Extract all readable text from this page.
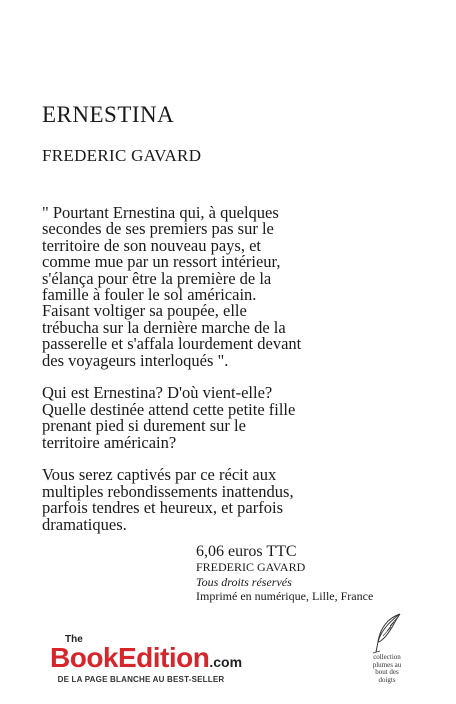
ERNESTINA
FREDERIC GAVARD

" Pourtant Ernestina qui, à quelques
secondes de ses premiers pas sur le
territoire de son nouveau pays, et
comme mue par un ressort intérieur,
s'élança pour être la première de la
famille à fouler le sol américain.
Faisant voltiger sa poupée, elle
trébucha sur la dernière marche de la
passerelle et s'affala lourdement devant
des voyageurs interloqués ".

Qui est Ernestina? D'où vient-elle?
Quelle destinée attend cette petite fille
prenant pied si durement sur le
territoire américain?

Vous serez captivés par ce récit aux
multiples rebondissements inattendus,
parfois tendres et heureux, et parfois
dramatiques.

6,06 euros TTC
FREDERIC GAVARD
Tous droits réservés
Imprimé en numérique, Lille, France
The
BookEdition.com
DE LA PAGE BLANCHE AU BEST-SELLER
collection
plumes au
bout des
doigts
